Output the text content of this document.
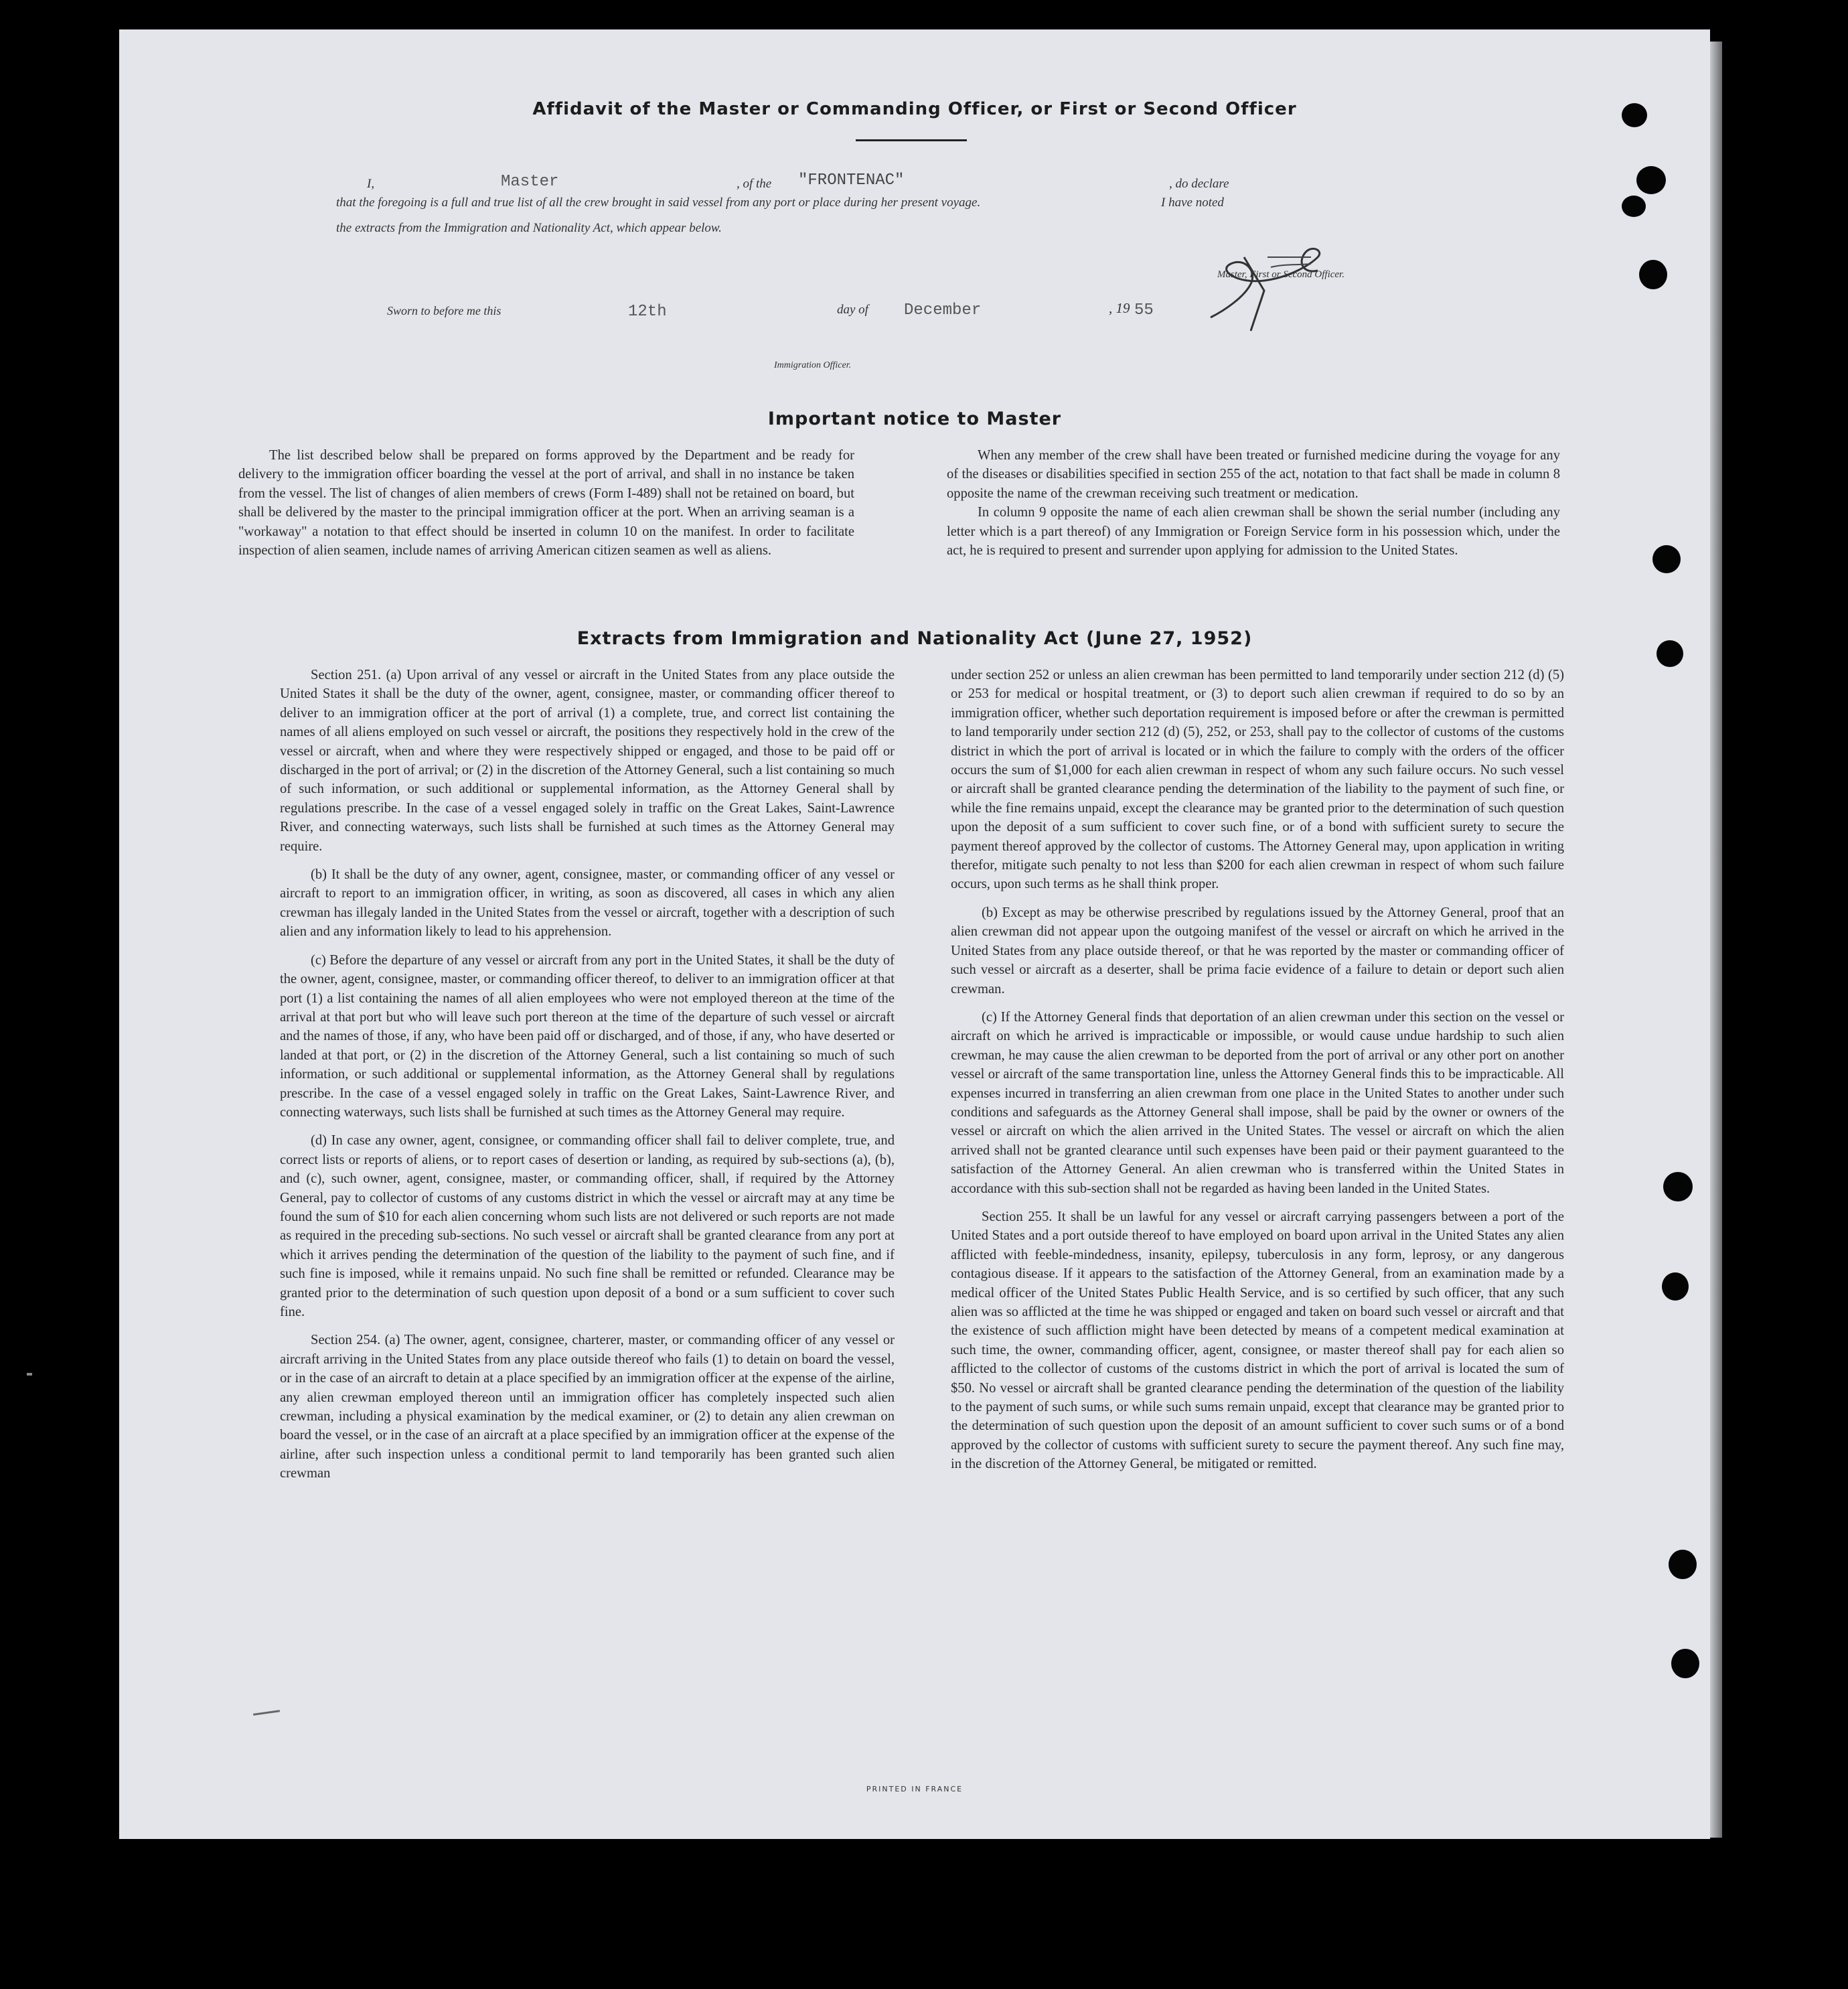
Affidavit of the Master or Commanding Officer, or First or Second Officer
I,	Master	, of the "FRONTENAC"	, do declare
that the foregoing is a full and true list of all the crew brought in said vessel from any port or place during her present voyage.	I have noted
the extracts from the Immigration and Nationality Act, which appear below.
Master, First or Second Officer.
Sworn to before me this	12th	day of December	, 19 55
Immigration Officer.
Important notice to Master

The list described below shall be prepared on forms approved by the Department and be ready for delivery to the immigration officer boarding the vessel at the port of arrival, and shall in no instance be taken from the vessel. The list of changes of alien members of crews (Form I-489) shall not be retained on board, but shall be delivered by the master to the principal immigration officer at the port. When an arriving seaman is a "workaway" a notation to that effect should be inserted in column 10 on the manifest. In order to facilitate inspection of alien seamen, include names of arriving American citizen seamen as well as aliens.

When any member of the crew shall have been treated or furnished medicine during the voyage for any of the diseases or disabilities specified in section 255 of the act, notation to that fact shall be made in column 8 opposite the name of the crewman receiving such treatment or medication.

In column 9 opposite the name of each alien crewman shall be shown the serial number (including any letter which is a part thereof) of any Immigration or Foreign Service form in his possession which, under the act, he is required to present and surrender upon applying for admission to the United States.

Extracts from Immigration and Nationality Act (June 27, 1952)

Section 251. (a) Upon arrival of any vessel or aircraft in the United States from any place outside the United States it shall be the duty of the owner, agent, consignee, master, or commanding officer thereof to deliver to an immigration officer at the port of arrival (1) a complete, true, and correct list containing the names of all aliens employed on such vessel or aircraft, the positions they respectively hold in the crew of the vessel or aircraft, when and where they were respectively shipped or engaged, and those to be paid off or discharged in the port of arrival; or (2) in the discretion of the Attorney General, such a list containing so much of such information, or such additional or supplemental information, as the Attorney General shall by regulations prescribe. In the case of a vessel engaged solely in traffic on the Great Lakes, Saint-Lawrence River, and connecting waterways, such lists shall be furnished at such times as the Attorney General may require.

(b) It shall be the duty of any owner, agent, consignee, master, or commanding officer of any vessel or aircraft to report to an immigration officer, in writing, as soon as discovered, all cases in which any alien crewman has illegaly landed in the United States from the vessel or aircraft, together with a description of such alien and any information likely to lead to his apprehension.

(c) Before the departure of any vessel or aircraft from any port in the United States, it shall be the duty of the owner, agent, consignee, master, or commanding officer thereof, to deliver to an immigration officer at that port (1) a list containing the names of all alien employees who were not employed thereon at the time of the arrival at that port but who will leave such port thereon at the time of the departure of such vessel or aircraft and the names of those, if any, who have been paid off or discharged, and of those, if any, who have deserted or landed at that port, or (2) in the discretion of the Attorney General, such a list containing so much of such information, or such additional or supplemental information, as the Attorney General shall by regulations prescribe. In the case of a vessel engaged solely in traffic on the Great Lakes, Saint-Lawrence River, and connecting waterways, such lists shall be furnished at such times as the Attorney General may require.

(d) In case any owner, agent, consignee, or commanding officer shall fail to deliver complete, true, and correct lists or reports of aliens, or to report cases of desertion or landing, as required by sub-sections (a), (b), and (c), such owner, agent, consignee, master, or commanding officer, shall, if required by the Attorney General, pay to collector of customs of any customs district in which the vessel or aircraft may at any time be found the sum of $10 for each alien concerning whom such lists are not delivered or such reports are not made as required in the preceding sub-sections. No such vessel or aircraft shall be granted clearance from any port at which it arrives pending the determination of the question of the liability to the payment of such fine, and if such fine is imposed, while it remains unpaid. No such fine shall be remitted or refunded. Clearance may be granted prior to the determination of such question upon deposit of a bond or a sum sufficient to cover such fine.

Section 254. (a) The owner, agent, consignee, charterer, master, or commanding officer of any vessel or aircraft arriving in the United States from any place outside thereof who fails (1) to detain on board the vessel, or in the case of an aircraft to detain at a place specified by an immigration officer at the expense of the airline, any alien crewman employed thereon until an immigration officer has completely inspected such alien crewman, including a physical examination by the medical examiner, or (2) to detain any alien crewman on board the vessel, or in the case of an aircraft at a place specified by an immigration officer at the expense of the airline, after such inspection unless a conditional permit to land temporarily has been granted such alien crewman

under section 252 or unless an alien crewman has been permitted to land temporarily under section 212 (d) (5) or 253 for medical or hospital treatment, or (3) to deport such alien crewman if required to do so by an immigration officer, whether such deportation requirement is imposed before or after the crewman is permitted to land temporarily under section 212 (d) (5), 252, or 253, shall pay to the collector of customs of the customs district in which the port of arrival is located or in which the failure to comply with the orders of the officer occurs the sum of $1,000 for each alien crewman in respect of whom any such failure occurs. No such vessel or aircraft shall be granted clearance pending the determination of the liability to the payment of such fine, or while the fine remains unpaid, except the clearance may be granted prior to the determination of such question upon the deposit of a sum sufficient to cover such fine, or of a bond with sufficient surety to secure the payment thereof approved by the collector of customs. The Attorney General may, upon application in writing therefor, mitigate such penalty to not less than $200 for each alien crewman in respect of whom such failure occurs, upon such terms as he shall think proper.

(b) Except as may be otherwise prescribed by regulations issued by the Attorney General, proof that an alien crewman did not appear upon the outgoing manifest of the vessel or aircraft on which he arrived in the United States from any place outside thereof, or that he was reported by the master or commanding officer of such vessel or aircraft as a deserter, shall be prima facie evidence of a failure to detain or deport such alien crewman.

(c) If the Attorney General finds that deportation of an alien crewman under this section on the vessel or aircraft on which he arrived is impracticable or impossible, or would cause undue hardship to such alien crewman, he may cause the alien crewman to be deported from the port of arrival or any other port on another vessel or aircraft of the same transportation line, unless the Attorney General finds this to be impracticable. All expenses incurred in transferring an alien crewman from one place in the United States to another under such conditions and safeguards as the Attorney General shall impose, shall be paid by the owner or owners of the vessel or aircraft on which the alien arrived in the United States. The vessel or aircraft on which the alien arrived shall not be granted clearance until such expenses have been paid or their payment guaranteed to the satisfaction of the Attorney General. An alien crewman who is transferred within the United States in accordance with this sub-section shall not be regarded as having been landed in the United States.

Section 255. It shall be un lawful for any vessel or aircraft carrying passengers between a port of the United States and a port outside thereof to have employed on board upon arrival in the United States any alien afflicted with feeble-mindedness, insanity, epilepsy, tuberculosis in any form, leprosy, or any dangerous contagious disease. If it appears to the satisfaction of the Attorney General, from an examination made by a medical officer of the United States Public Health Service, and is so certified by such officer, that any such alien was so afflicted at the time he was shipped or engaged and taken on board such vessel or aircraft and that the existence of such affliction might have been detected by means of a competent medical examination at such time, the owner, commanding officer, agent, consignee, or master thereof shall pay for each alien so afflicted to the collector of customs of the customs district in which the port of arrival is located the sum of $50. No vessel or aircraft shall be granted clearance pending the determination of the question of the liability to the payment of such sums, or while such sums remain unpaid, except that clearance may be granted prior to the determination of such question upon the deposit of an amount sufficient to cover such sums or of a bond approved by the collector of customs with sufficient surety to secure the payment thereof. Any such fine may, in the discretion of the Attorney General, be mitigated or remitted.

PRINTED IN FRANCE
